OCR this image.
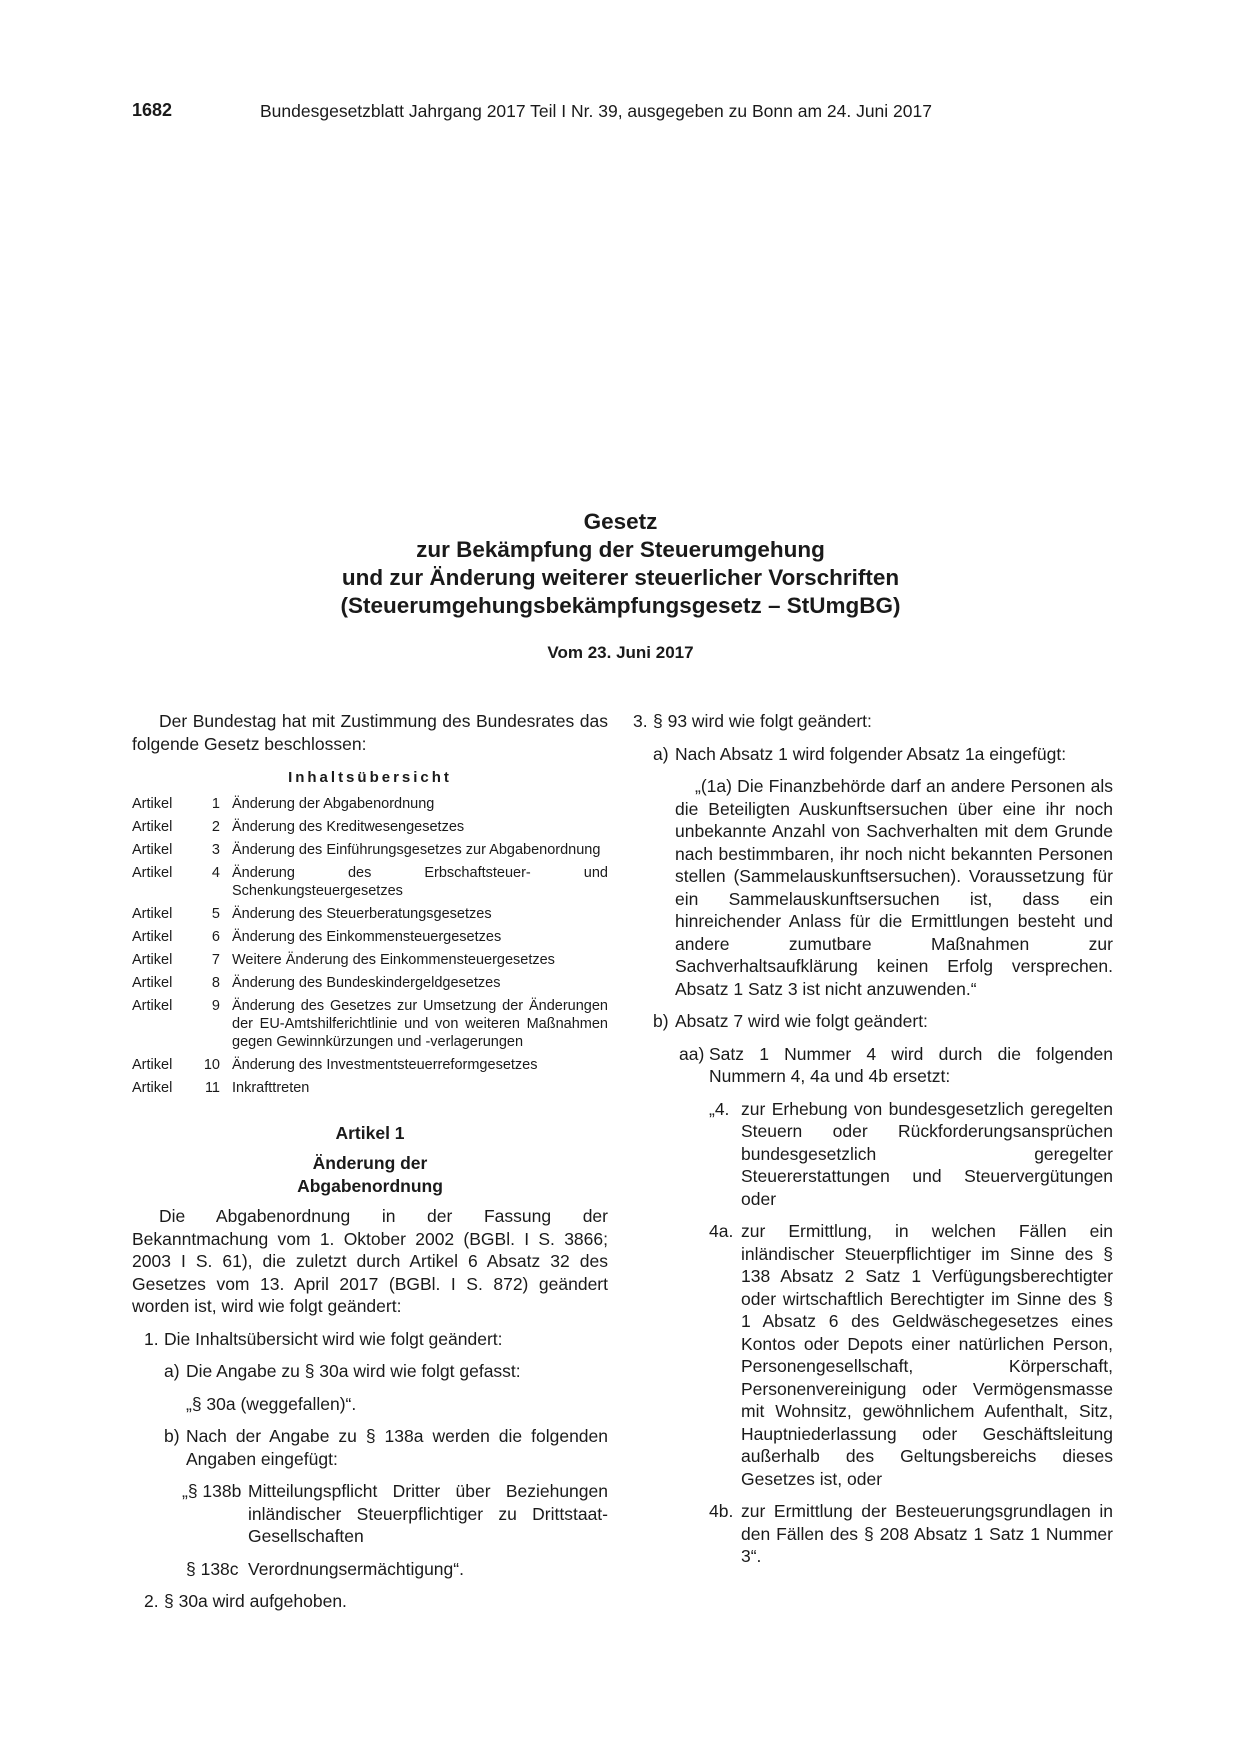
1682	Bundesgesetzblatt Jahrgang 2017 Teil I Nr. 39, ausgegeben zu Bonn am 24. Juni 2017
Gesetz
zur Bekämpfung der Steuerumgehung
und zur Änderung weiterer steuerlicher Vorschriften
(Steuerumgehungsbekämpfungsgesetz – StUmgBG)
Vom 23. Juni 2017
Der Bundestag hat mit Zustimmung des Bundesrates das folgende Gesetz beschlossen:
Inhaltsübersicht
Artikel	1	Änderung der Abgabenordnung
Artikel	2	Änderung des Kreditwesengesetzes
Artikel	3	Änderung des Einführungsgesetzes zur Abgabenordnung
Artikel	4	Änderung des Erbschaftsteuer- und Schenkungsteuergesetzes
Artikel	5	Änderung des Steuerberatungsgesetzes
Artikel	6	Änderung des Einkommensteuergesetzes
Artikel	7	Weitere Änderung des Einkommensteuergesetzes
Artikel	8	Änderung des Bundeskindergeldgesetzes
Artikel	9	Änderung des Gesetzes zur Umsetzung der Änderungen der EU-Amtshilferichtlinie und von weiteren Maßnahmen gegen Gewinnkürzungen und -verlagerungen
Artikel	10	Änderung des Investmentsteuerreformgesetzes
Artikel	11	Inkrafttreten
Artikel 1
Änderung der
Abgabenordnung
Die Abgabenordnung in der Fassung der Bekanntmachung vom 1. Oktober 2002 (BGBl. I S. 3866; 2003 I S. 61), die zuletzt durch Artikel 6 Absatz 32 des Gesetzes vom 13. April 2017 (BGBl. I S. 872) geändert worden ist, wird wie folgt geändert:
1. Die Inhaltsübersicht wird wie folgt geändert:
a) Die Angabe zu § 30a wird wie folgt gefasst:
„§ 30a (weggefallen)“.
b) Nach der Angabe zu § 138a werden die folgenden Angaben eingefügt:
„§ 138b Mitteilungspflicht Dritter über Beziehungen inländischer Steuerpflichtiger zu Drittstaat-Gesellschaften
§ 138c Verordnungsermächtigung“.
2. § 30a wird aufgehoben.
3. § 93 wird wie folgt geändert:
a) Nach Absatz 1 wird folgender Absatz 1a eingefügt:
„(1a) Die Finanzbehörde darf an andere Personen als die Beteiligten Auskunftsersuchen über eine ihr noch unbekannte Anzahl von Sachverhalten mit dem Grunde nach bestimmbaren, ihr noch nicht bekannten Personen stellen (Sammelauskunftsersuchen). Voraussetzung für ein Sammelauskunftsersuchen ist, dass ein hinreichender Anlass für die Ermittlungen besteht und andere zumutbare Maßnahmen zur Sachverhaltsaufklärung keinen Erfolg versprechen. Absatz 1 Satz 3 ist nicht anzuwenden.“
b) Absatz 7 wird wie folgt geändert:
aa) Satz 1 Nummer 4 wird durch die folgenden Nummern 4, 4a und 4b ersetzt:
„4. zur Erhebung von bundesgesetzlich geregelten Steuern oder Rückforderungsansprüchen bundesgesetzlich geregelter Steuererstattungen und Steuervergütungen oder
4a. zur Ermittlung, in welchen Fällen ein inländischer Steuerpflichtiger im Sinne des § 138 Absatz 2 Satz 1 Verfügungsberechtigter oder wirtschaftlich Berechtigter im Sinne des § 1 Absatz 6 des Geldwäschegesetzes eines Kontos oder Depots einer natürlichen Person, Personengesellschaft, Körperschaft, Personenvereinigung oder Vermögensmasse mit Wohnsitz, gewöhnlichem Aufenthalt, Sitz, Hauptniederlassung oder Geschäftsleitung außerhalb des Geltungsbereichs dieses Gesetzes ist, oder
4b. zur Ermittlung der Besteuerungsgrundlagen in den Fällen des § 208 Absatz 1 Satz 1 Nummer 3“.
